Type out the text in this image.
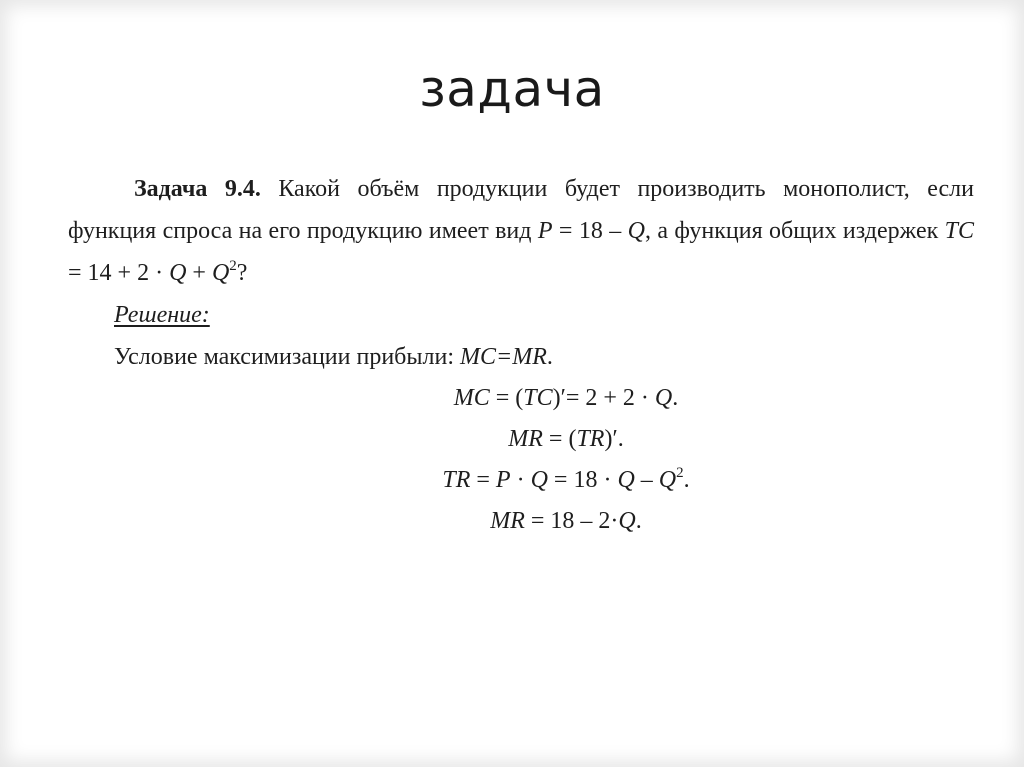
задача

Задача 9.4. Какой объём продукции будет производить монополист, если функция спроса на его продукцию имеет вид P = 18 – Q, а функция общих издержек TC = $14 + 2 \cdot Q + Q^2$?

Решение:

Условие максимизации прибыли: MC=MR.

MC = (TC)′= 2 + 2 · Q.

MR = (TR)′.

TR = $P \cdot Q = 18 \cdot Q - Q^2$.

MR = 18 – 2·Q.
